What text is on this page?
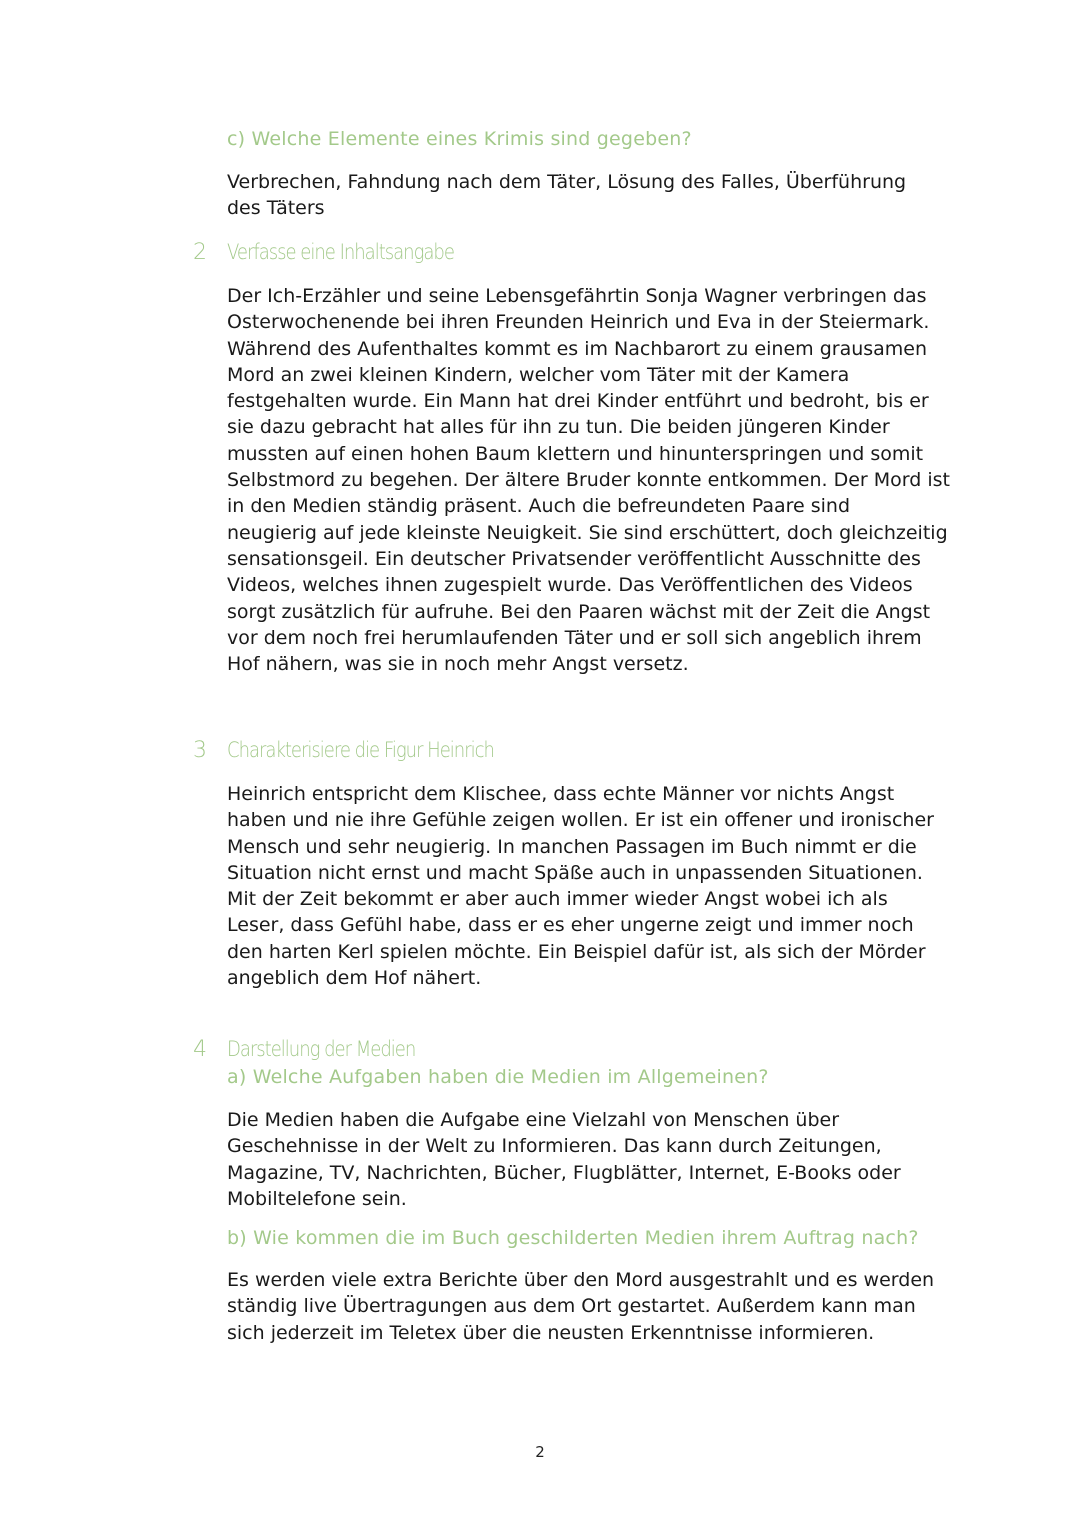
c) Welche Elemente eines Krimis sind gegeben?
Verbrechen, Fahndung nach dem Täter, Lösung des Falles, Überführung
des Täters
2 Verfasse eine Inhaltsangabe
Der Ich-Erzähler und seine Lebensgefährtin Sonja Wagner verbringen das
Osterwochenende bei ihren Freunden Heinrich und Eva in der Steiermark.
Während des Aufenthaltes kommt es im Nachbarort zu einem grausamen
Mord an zwei kleinen Kindern, welcher vom Täter mit der Kamera
festgehalten wurde. Ein Mann hat drei Kinder entführt und bedroht, bis er
sie dazu gebracht hat alles für ihn zu tun. Die beiden jüngeren Kinder
mussten auf einen hohen Baum klettern und hinunterspringen und somit
Selbstmord zu begehen. Der ältere Bruder konnte entkommen. Der Mord ist
in den Medien ständig präsent. Auch die befreundeten Paare sind
neugierig auf jede kleinste Neuigkeit. Sie sind erschüttert, doch gleichzeitig
sensationsgeil. Ein deutscher Privatsender veröffentlicht Ausschnitte des
Videos, welches ihnen zugespielt wurde. Das Veröffentlichen des Videos
sorgt zusätzlich für aufruhe. Bei den Paaren wächst mit der Zeit die Angst
vor dem noch frei herumlaufenden Täter und er soll sich angeblich ihrem
Hof nähern, was sie in noch mehr Angst versetz.
3 Charakterisiere die Figur Heinrich
Heinrich entspricht dem Klischee, dass echte Männer vor nichts Angst
haben und nie ihre Gefühle zeigen wollen. Er ist ein offener und ironischer
Mensch und sehr neugierig. In manchen Passagen im Buch nimmt er die
Situation nicht ernst und macht Späße auch in unpassenden Situationen.
Mit der Zeit bekommt er aber auch immer wieder Angst wobei ich als
Leser, dass Gefühl habe, dass er es eher ungerne zeigt und immer noch
den harten Kerl spielen möchte. Ein Beispiel dafür ist, als sich der Mörder
angeblich dem Hof nähert.
4 Darstellung der Medien
a) Welche Aufgaben haben die Medien im Allgemeinen?
Die Medien haben die Aufgabe eine Vielzahl von Menschen über
Geschehnisse in der Welt zu Informieren. Das kann durch Zeitungen,
Magazine, TV, Nachrichten, Bücher, Flugblätter, Internet, E-Books oder
Mobiltelefone sein.
b) Wie kommen die im Buch geschilderten Medien ihrem Auftrag nach?
Es werden viele extra Berichte über den Mord ausgestrahlt und es werden
ständig live Übertragungen aus dem Ort gestartet. Außerdem kann man
sich jederzeit im Teletex über die neusten Erkenntnisse informieren.
2
